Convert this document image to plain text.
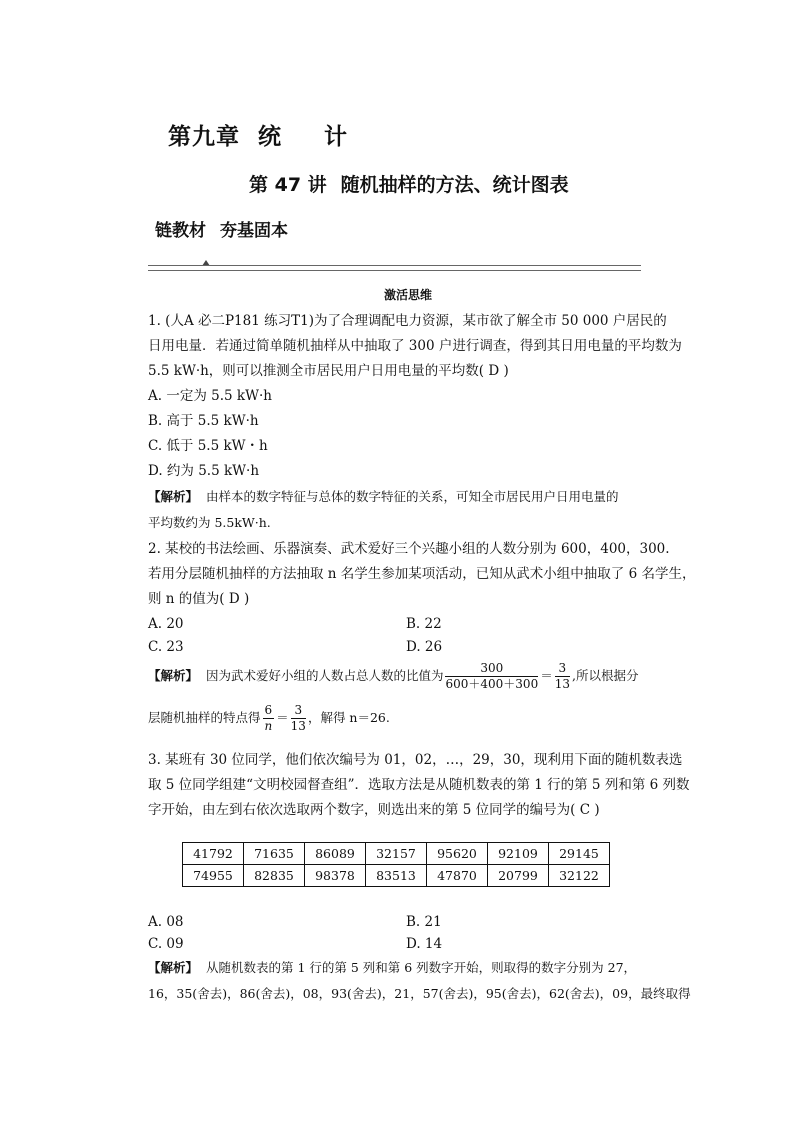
第九章 统 计
第 47 讲 随机抽样的方法、统计图表
链教材 夯基固本
激活思维
1. (人A 必二P181 练习T1)为了合理调配电力资源，某市欲了解全市 50 000 户居民的
日用电量．若通过简单随机抽样从中抽取了 300 户进行调查，得到其日用电量的平均数为
5.5 kW·h，则可以推测全市居民用户日用电量的平均数( D )
A. 一定为 5.5 kW·h
B. 高于 5.5 kW·h
C. 低于 5.5 kW・h
D. 约为 5.5 kW·h
【解析】 由样本的数字特征与总体的数字特征的关系，可知全市居民用户日用电量的
平均数约为 5.5kW·h.
2. 某校的书法绘画、乐器演奏、武术爱好三个兴趣小组的人数分别为 600，400，300.
若用分层随机抽样的方法抽取 n 名学生参加某项活动，已知从武术小组中抽取了 6 名学生，
则 n 的值为( D )
A. 20	B. 22
C. 23	D. 26
【解析】 因为武术爱好小组的人数占总人数的比值为 $\frac{300}{600+400+300} = \frac{3}{13}$ ,所以根据分
层随机抽样的特点得 $\frac{6}{n} = \frac{3}{13}$ ，解得 n＝26.
3. 某班有 30 位同学，他们依次编号为 01，02，…，29，30，现利用下面的随机数表选
取 5 位同学组建“文明校园督查组”．选取方法是从随机数表的第 1 行的第 5 列和第 6 列数
字开始，由左到右依次选取两个数字，则选出来的第 5 位同学的编号为( C )
41792	71635	86089	32157	95620	92109	29145
74955	82835	98378	83513	47870	20799	32122
A. 08	B. 21
C. 09	D. 14
【解析】 从随机数表的第 1 行的第 5 列和第 6 列数字开始，则取得的数字分别为 27，
16，35(舍去)，86(舍去)，08，93(舍去)，21，57(舍去)，95(舍去)，62(舍去)，09，最终取得
